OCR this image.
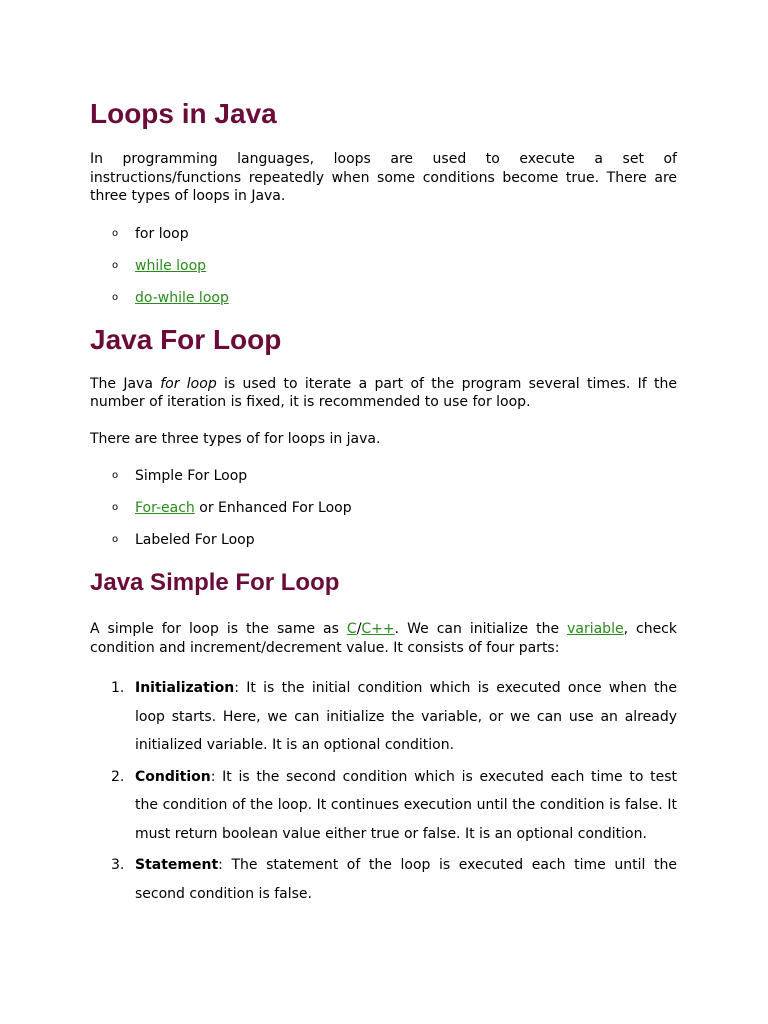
Loops in Java

In programming languages, loops are used to execute a set of instructions/functions repeatedly when some conditions become true. There are three types of loops in Java.

o for loop
o while loop
o do-while loop
Java For Loop

The Java for loop is used to iterate a part of the program several times. If the number of iteration is fixed, it is recommended to use for loop.

There are three types of for loops in java.

o Simple For Loop
o For-each or Enhanced For Loop
o Labeled For Loop
Java Simple For Loop

A simple for loop is the same as C/C++. We can initialize the variable, check condition and increment/decrement value. It consists of four parts:

1. Initialization: It is the initial condition which is executed once when the loop starts. Here, we can initialize the variable, or we can use an already initialized variable. It is an optional condition.
2. Condition: It is the second condition which is executed each time to test the condition of the loop. It continues execution until the condition is false. It must return boolean value either true or false. It is an optional condition.
3. Statement: The statement of the loop is executed each time until the second condition is false.
